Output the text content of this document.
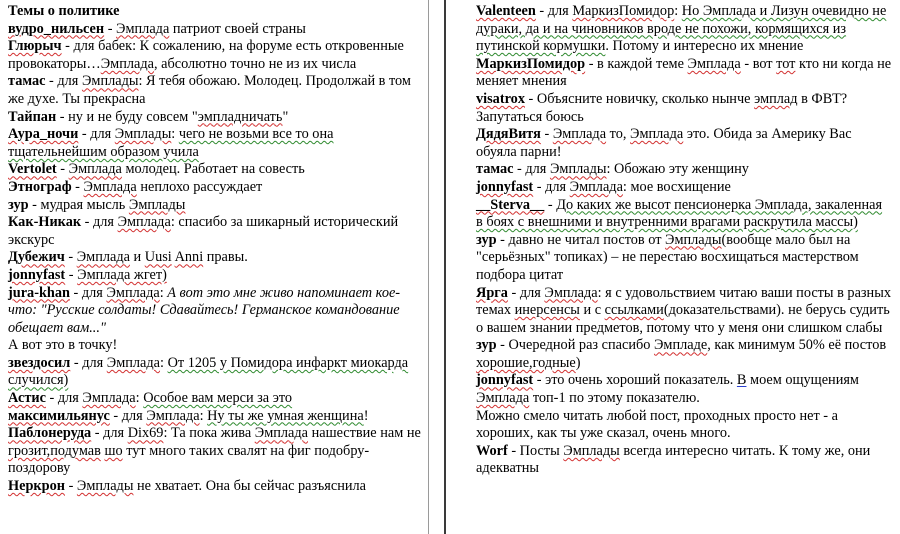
Темы о политике
вудро_нильсен - Эмплада патриот своей страны
Глюрыч - для бабек: К сожалению, на форуме есть откровенные провокаторы…Эмплада, абсолютно точно не из их числа
тамас - для Эмплады: Я тебя обожаю. Молодец. Продолжай в том же духе. Ты прекрасна
Тайпан - ну и не буду совсем "эмпладничать"
Аура_ночи - для Эмплады: чего не возьми все то она тщательнейшим образом учила
Vertolet - Эмплада молодец. Работает на совесть
Этнограф - Эмплада неплохо рассуждает
зур - мудрая мысль Эмплады
Как-Никак - для Эмплада: спасибо за шикарный исторический экскурс
Дубежич - Эмплада и Uusi Anni правы.
jonnyfast - Эмплада жгет)
jura-khan - для Эмплада: А вот это мне живо напоминает кое-что: "Русские солдаты! Сдавайтесь! Германское командование обещает вам..."
А вот это в точку!
звездосил - для Эмплада: От 1205 у Помидора инфаркт миокарда случился)
Астис - для Эмплада: Особое вам мерси за это
максимильянус - для Эмплада: Ну ты же умная женщина!
Паблонеруда - для Dix69: Та пока жива Эмплада нашествие нам не грозит,подумав шо тут много таких свалят на фиг подобру-поздорову
Неркрон - Эмплады не хватает. Она бы сейчас разъяснила
Valenteen - для МаркизПомидор: Но Эмплада и Лизун очевидно не дураки, да и на чиновников вроде не похожи, кормящихся из путинской кормушки. Потому и интересно их мнение
МаркизПомидор - в каждой теме Эмплада - вот тот кто ни когда не меняет мнения
visatrox - Объясните новичку, сколько нынче эмплад в ФВТ? Запутаться боюсь
ДядяВитя - Эмплада то, Эмплада это. Обида за Америку Вас обуяла парни!
тамас - для Эмплады: Обожаю эту женщину
jonnyfast - для Эмплада: мое восхищение
__Sterva__ - До каких же высот пенсионерка Эмплада, закаленная в боях с внешними и внутренними врагами раскрутила массы)
зур - давно не читал постов от Эмплады(вообще мало был на "серьёзных" топиках) – не перестаю восхищаться мастерством подбора цитат
Ярга - для Эмплада: я с удовольствием читаю ваши посты в разных темах инерсенсы и с ссылками(доказательствами). не берусь судить о вашем знании предметов, потому что у меня они слишком слабы
зур - Очередной раз спасибо Эмпладе, как минимум 50% её постов хорошие,годные)
jonnyfast - это очень хороший показатель. В моем ощущениям Эмплада топ-1 по этому показателю.
Можно смело читать любой пост, проходных просто нет - а хороших, как ты уже сказал, очень много.
Worf - Посты Эмплады всегда интересно читать. К тому же, они адекватны
